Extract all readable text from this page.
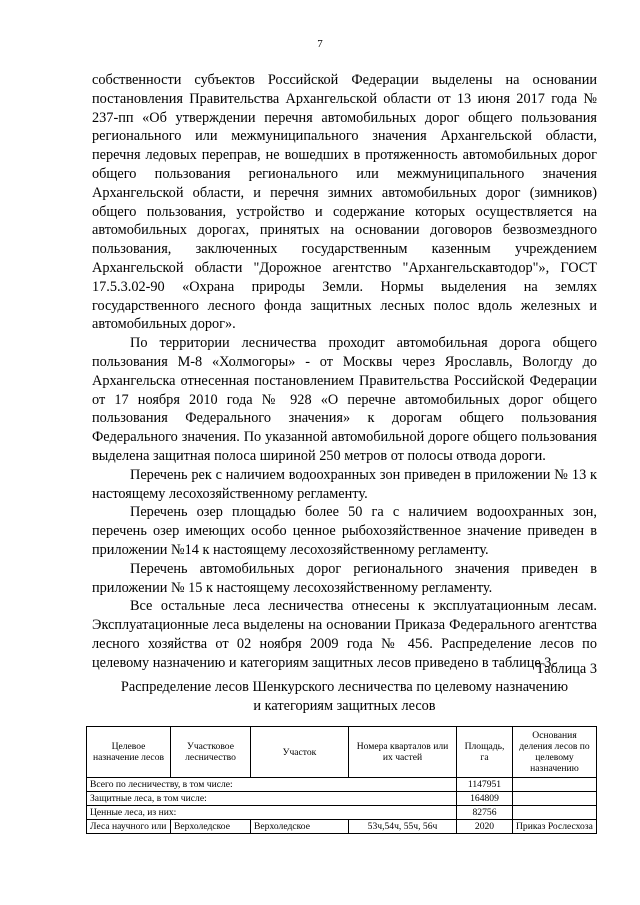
7

собственности субъектов Российской Федерации выделены на основании постановления Правительства Архангельской области от 13 июня 2017 года № 237-пп «Об утверждении перечня автомобильных дорог общего пользования регионального или межмуниципального значения Архангельской области, перечня ледовых переправ, не вошедших в протяженность автомобильных дорог общего пользования регионального или межмуниципального значения Архангельской области, и перечня зимних автомобильных дорог (зимников) общего пользования, устройство и содержание которых осуществляется на автомобильных дорогах, принятых на основании договоров безвозмездного пользования, заключенных государственным казенным учреждением Архангельской области "Дорожное агентство "Архангельскавтодор"», ГОСТ 17.5.3.02-90 «Охрана природы Земли. Нормы выделения на землях государственного лесного фонда защитных лесных полос вдоль железных и автомобильных дорог».

По территории лесничества проходит автомобильная дорога общего пользования М-8 «Холмогоры» - от Москвы через Ярославль, Вологду до Архангельска отнесенная постановлением Правительства Российской Федерации от 17 ноября 2010 года № 928 «О перечне автомобильных дорог общего пользования Федерального значения» к дорогам общего пользования Федерального значения. По указанной автомобильной дороге общего пользования выделена защитная полоса шириной 250 метров от полосы отвода дороги.

Перечень рек с наличием водоохранных зон приведен в приложении № 13 к настоящему лесохозяйственному регламенту.

Перечень озер площадью более 50 га с наличием водоохранных зон, перечень озер имеющих особо ценное рыбохозяйственное значение приведен в приложении №14 к настоящему лесохозяйственному регламенту.

Перечень автомобильных дорог регионального значения приведен в приложении № 15 к настоящему лесохозяйственному регламенту.

Все остальные леса лесничества отнесены к эксплуатационным лесам. Эксплуатационные леса выделены на основании Приказа Федерального агентства лесного хозяйства от 02 ноября 2009 года № 456. Распределение лесов по целевому назначению и категориям защитных лесов приведено в таблице 3.

Таблица 3
Распределение лесов Шенкурского лесничества по целевому назначению
и категориям защитных лесов
Целевое назначение лесов	Участковое лесничество	Участок	Номера кварталов или их частей	Площадь, га	Основания деления лесов по целевому назначению
Всего по лесничеству, в том числе:				1147951	
Защитные леса, в том числе:				164809	
Ценные леса, из них:				82756	
Леса научного или	Верхоледское	Верхоледское	53ч,54ч, 55ч, 56ч	2020	Приказ Рослесхоза
